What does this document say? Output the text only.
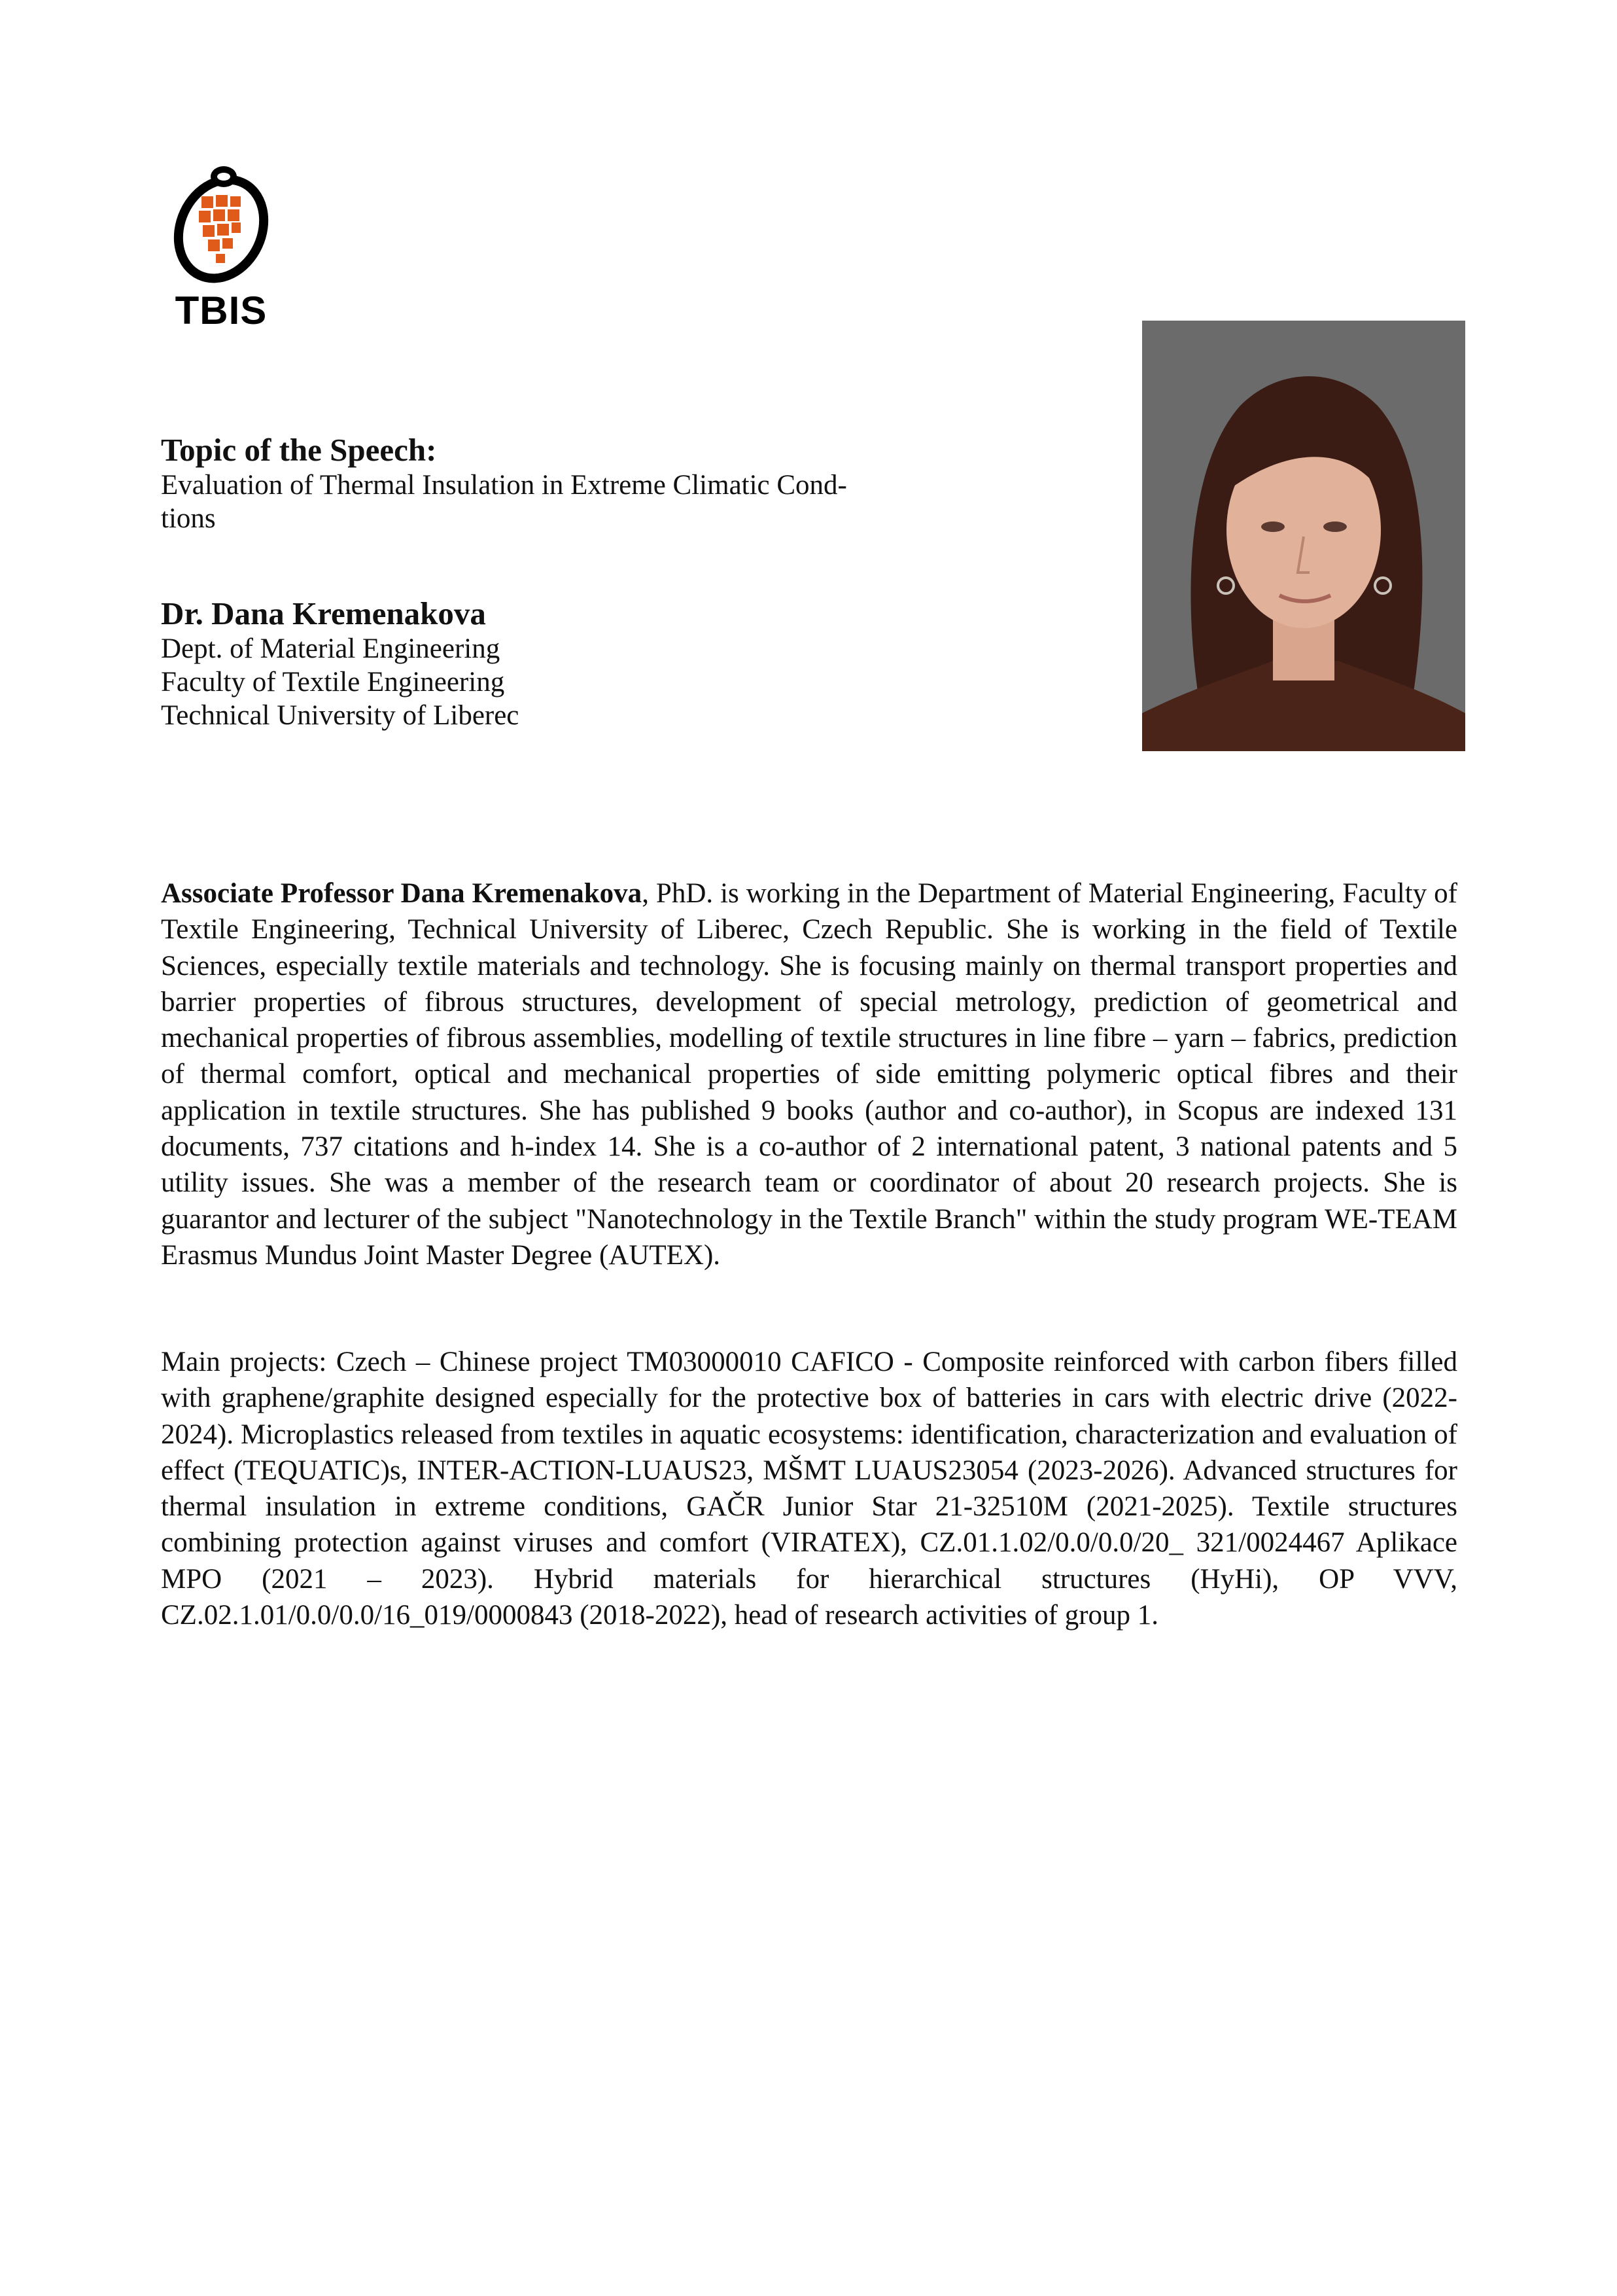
TBIS
Topic of the Speech:
Evaluation of Thermal Insulation in Extreme Climatic Cond-
tions
Dr. Dana Kremenakova
Dept. of Material Engineering
Faculty of Textile Engineering
Technical University of Liberec
Associate Professor Dana Kremenakova, PhD. is working in the Department of Material Engineering, Faculty of Textile Engineering, Technical University of Liberec, Czech Republic. She is working in the field of Textile Sciences, especially textile materials and technology. She is focusing mainly on thermal transport properties and barrier properties of fibrous structures, development of special metrology, prediction of geometrical and mechanical properties of fibrous assemblies, modelling of textile structures in line fibre – yarn – fabrics, prediction of thermal comfort, optical and mechanical properties of side emitting polymeric optical fibres and their application in textile structures. She has published 9 books (author and co-author), in Scopus are indexed 131 documents, 737 citations and h-index 14. She is a co-author of 2 international patent, 3 national patents and 5 utility issues. She was a member of the research team or coordinator of about 20 research projects. She is guarantor and lecturer of the subject "Nanotechnology in the Textile Branch" within the study program WE-TEAM Erasmus Mundus Joint Master Degree (AUTEX).
Main projects: Czech – Chinese project TM03000010 CAFICO - Composite reinforced with carbon fibers filled with graphene/graphite designed especially for the protective box of batteries in cars with electric drive (2022-2024). Microplastics released from textiles in aquatic ecosystems: identification, characterization and evaluation of effect (TEQUATIC)s, INTER-ACTION-LUAUS23, MŠMT LUAUS23054 (2023-2026). Advanced structures for thermal insulation in extreme conditions, GAČR Junior Star 21-32510M (2021-2025). Textile structures combining protection against viruses and comfort (VIRATEX), CZ.01.1.02/0.0/0.0/20_ 321/0024467 Aplikace MPO (2021 – 2023). Hybrid materials for hierarchical structures (HyHi), OP VVV, CZ.02.1.01/0.0/0.0/16_019/0000843 (2018-2022), head of research activities of group 1.
